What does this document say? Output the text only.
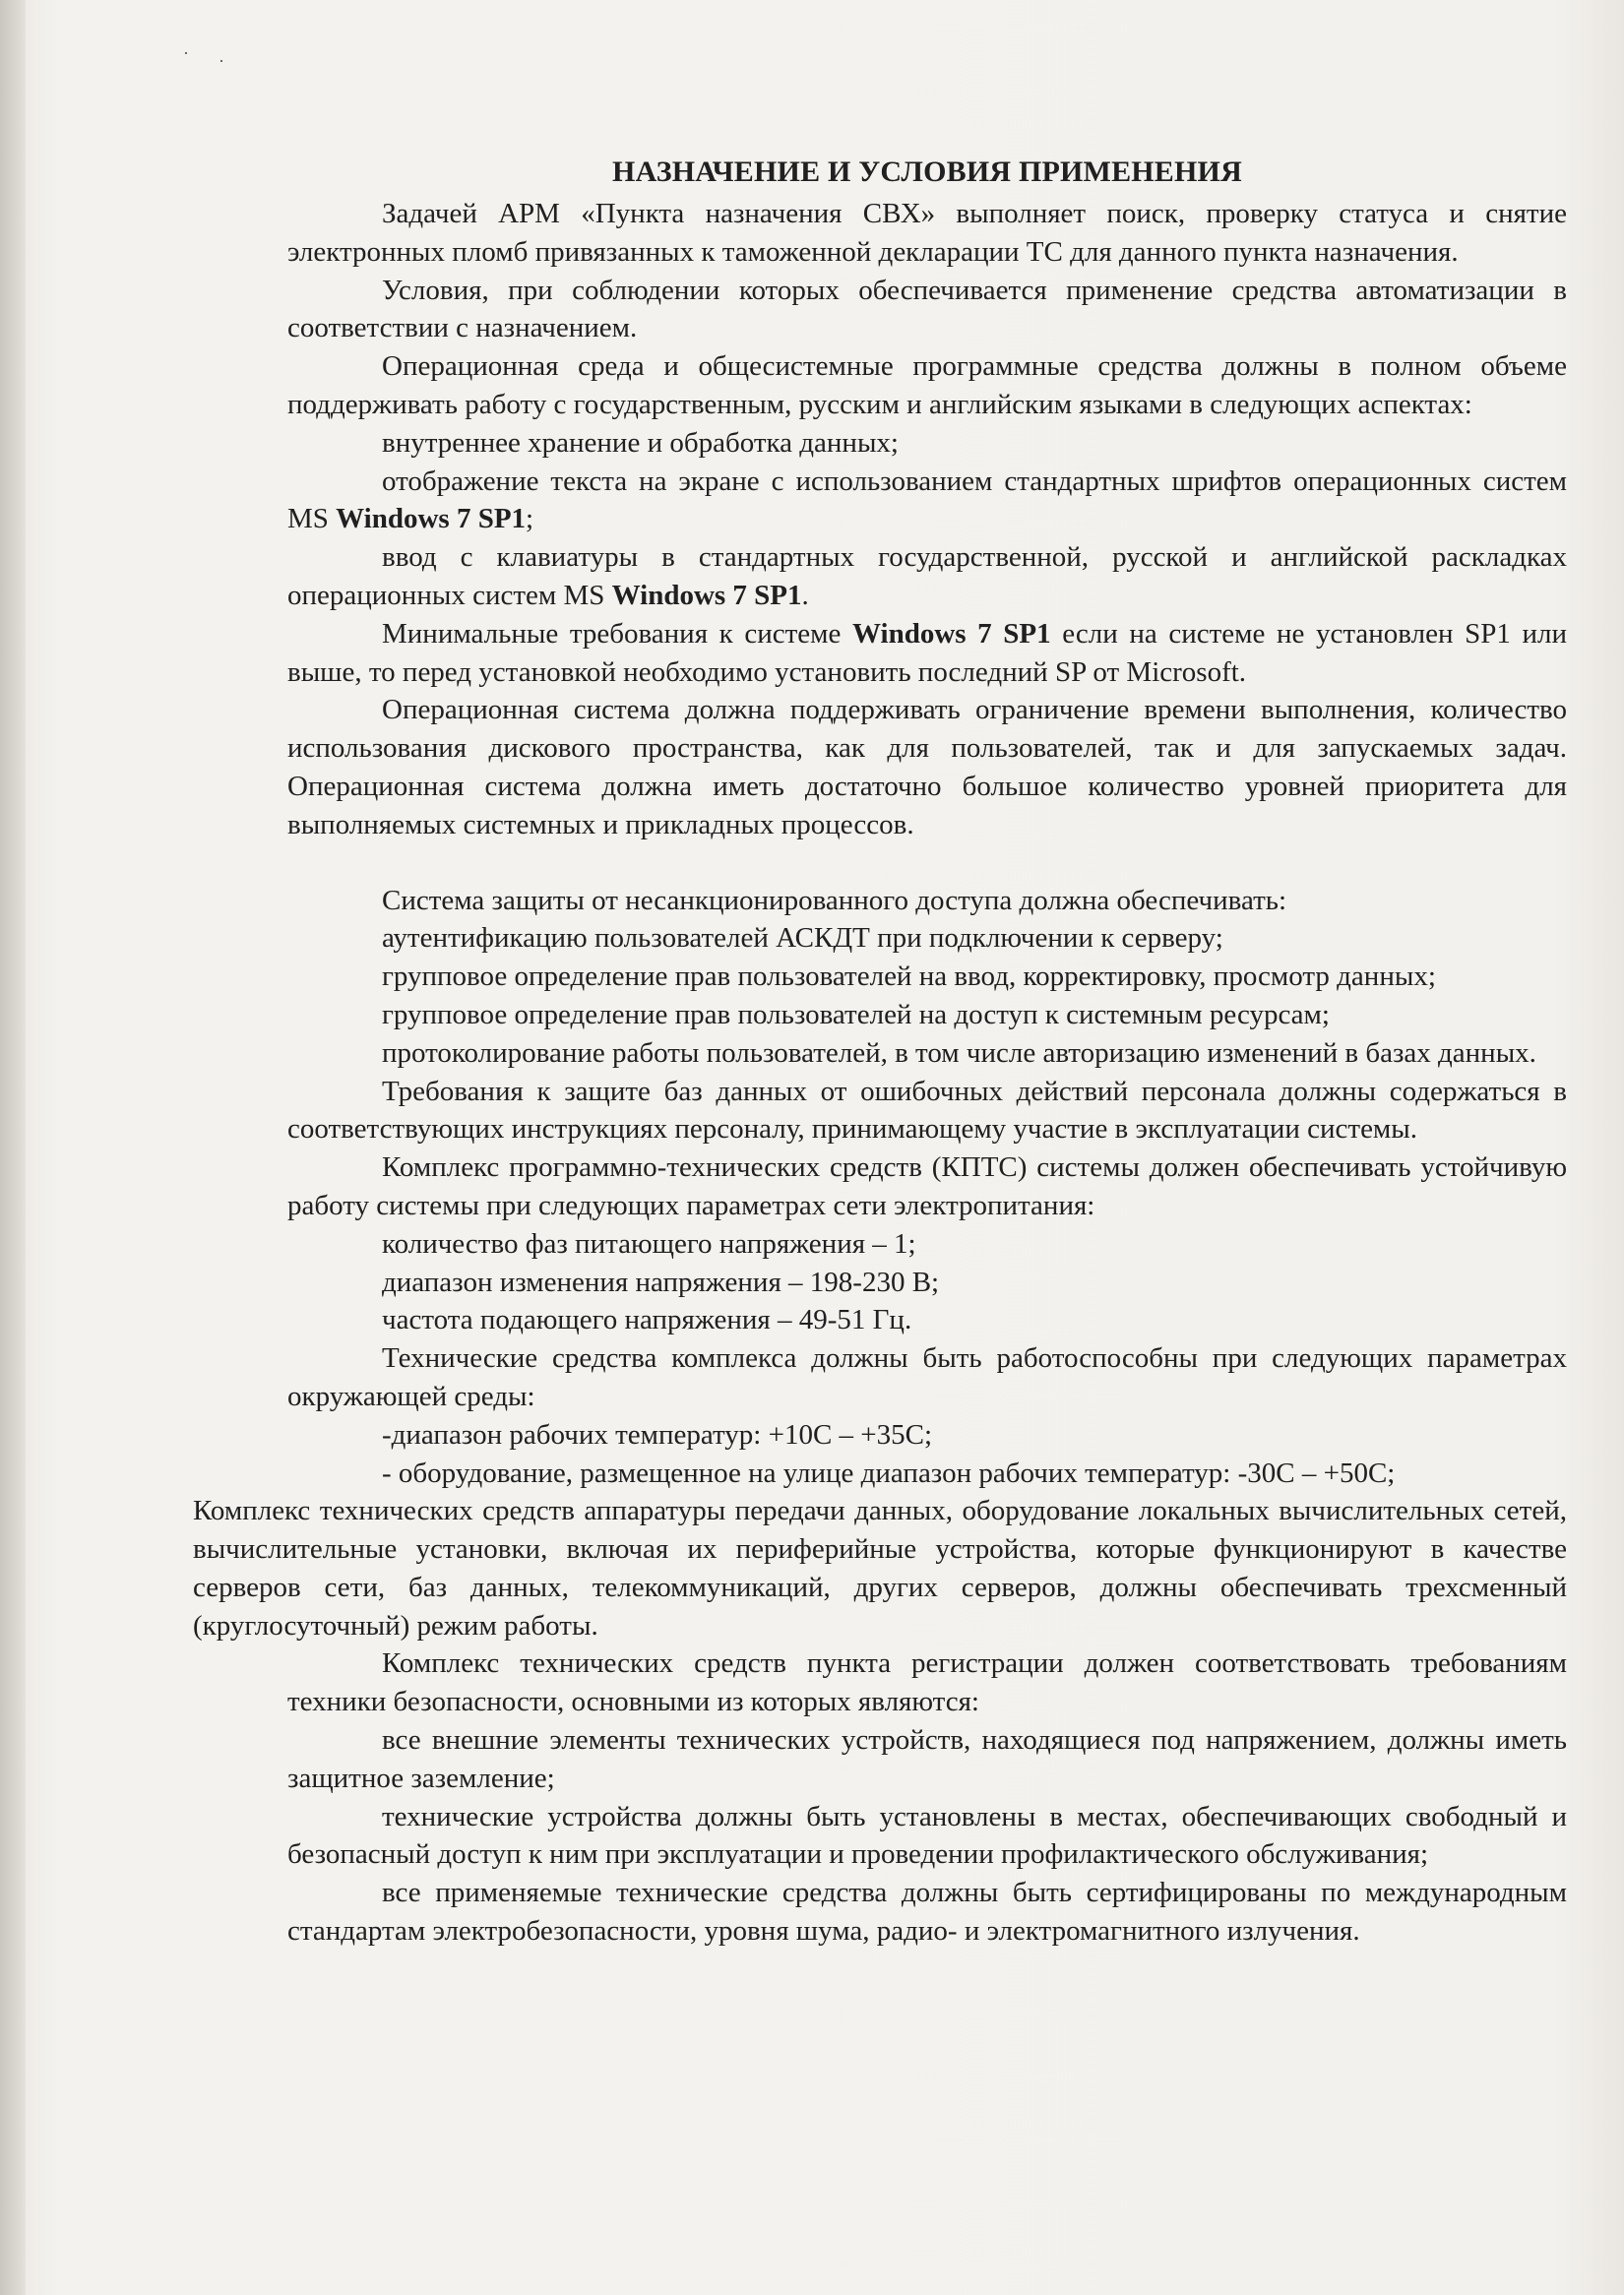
· ·
НАЗНАЧЕНИЕ И УСЛОВИЯ ПРИМЕНЕНИЯ

Задачей АРМ «Пункта назначения СВХ» выполняет поиск, проверку статуса и снятие электронных пломб привязанных к таможенной декларации ТС для данного пункта назначения.

Условия, при соблюдении которых обеспечивается применение средства автоматизации в соответствии с назначением.

Операционная среда и общесистемные программные средства должны в полном объеме поддерживать работу с государственным, русским и английским языками в следующих аспектах:

внутреннее хранение и обработка данных;

отображение текста на экране с использованием стандартных шрифтов операционных систем MS Windows 7 SP1;

ввод с клавиатуры в стандартных государственной, русской и английской раскладках операционных систем MS Windows 7 SP1.

Минимальные требования к системе Windows 7 SP1 если на системе не установлен SP1 или выше, то перед установкой необходимо установить последний SP от Microsoft.

Операционная система должна поддерживать ограничение времени выполнения, количество использования дискового пространства, как для пользователей, так и для запускаемых задач. Операционная система должна иметь достаточно большое количество уровней приоритета для выполняемых системных и прикладных процессов.

Система защиты от несанкционированного доступа должна обеспечивать:

аутентификацию пользователей АСКДТ при подключении к серверу;

групповое определение прав пользователей на ввод, корректировку, просмотр данных;

групповое определение прав пользователей на доступ к системным ресурсам;

протоколирование работы пользователей, в том числе авторизацию изменений в базах данных.

Требования к защите баз данных от ошибочных действий персонала должны содержаться в соответствующих инструкциях персоналу, принимающему участие в эксплуатации системы.

Комплекс программно-технических средств (КПТС) системы должен обеспечивать устойчивую работу системы при следующих параметрах сети электропитания:

количество фаз питающего напряжения – 1;

диапазон изменения напряжения – 198-230 В;

частота подающего напряжения – 49-51 Гц.

Технические средства комплекса должны быть работоспособны при следующих параметрах окружающей среды:

-диапазон рабочих температур: +10С – +35С;

- оборудование, размещенное на улице диапазон рабочих температур: -30С – +50С;

Комплекс технических средств аппаратуры передачи данных, оборудование локальных вычислительных сетей, вычислительные установки, включая их периферийные устройства, которые функционируют в качестве серверов сети, баз данных, телекоммуникаций, других серверов, должны обеспечивать трехсменный (круглосуточный) режим работы.

Комплекс технических средств пункта регистрации должен соответствовать требованиям техники безопасности, основными из которых являются:

все внешние элементы технических устройств, находящиеся под напряжением, должны иметь защитное заземление;

технические устройства должны быть установлены в местах, обеспечивающих свободный и безопасный доступ к ним при эксплуатации и проведении профилактического обслуживания;

все применяемые технические средства должны быть сертифицированы по международным стандартам электробезопасности, уровня шума, радио- и электромагнитного излучения.
